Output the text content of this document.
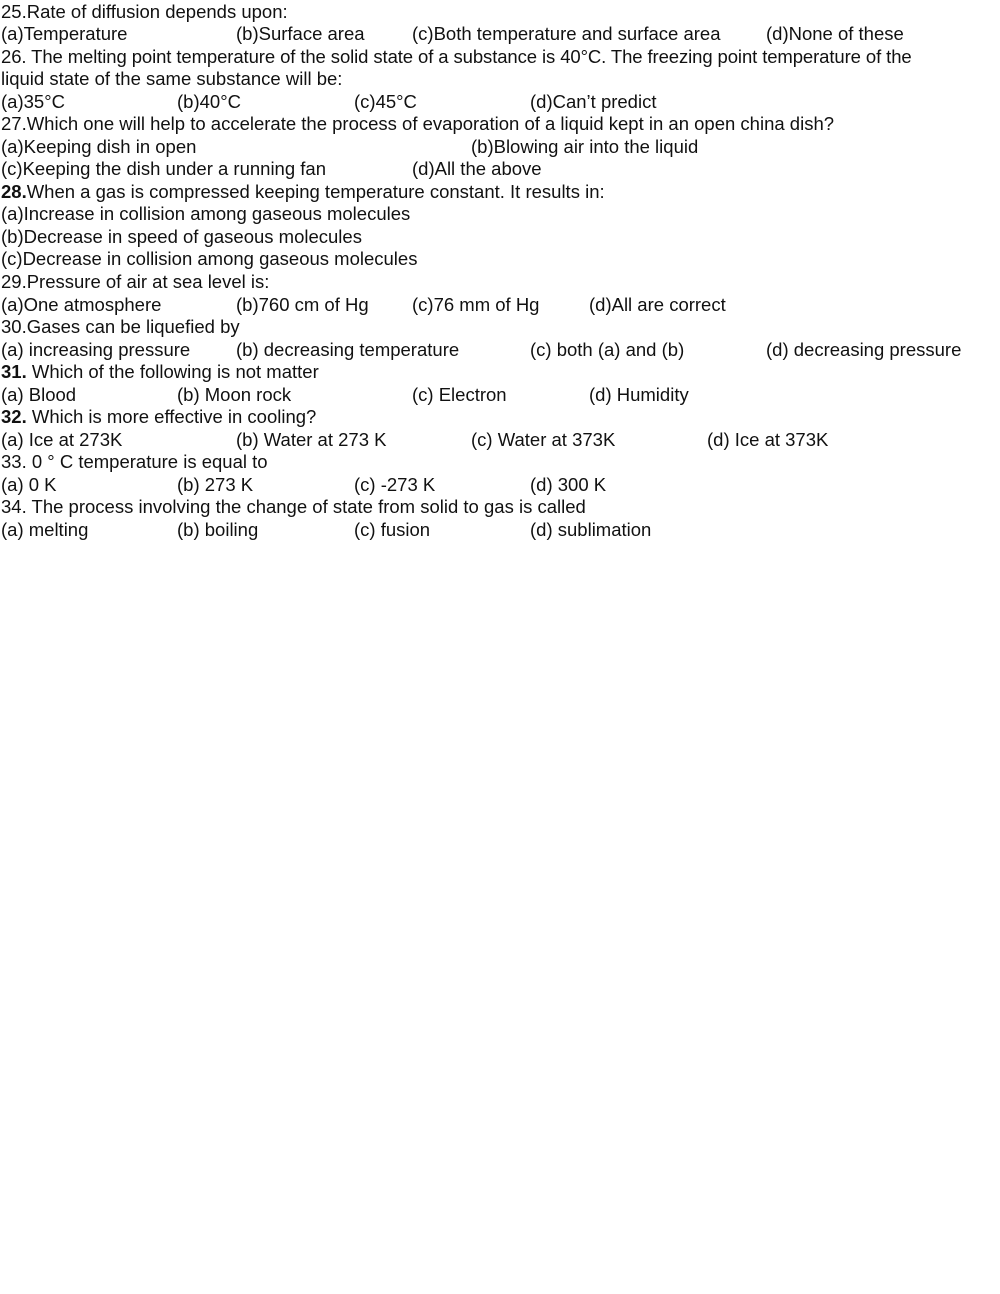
25.Rate of diffusion depends upon:
(a)Temperature	(b)Surface area	(c)Both temperature and surface area (d)None of these
26. The melting point temperature of the solid state of a substance is 40°C. The freezing point temperature of the
liquid state of the same substance will be:
(a)35°C	(b)40°C	(c)45°C	(d)Can’t predict
27.Which one will help to accelerate the process of evaporation of a liquid kept in an open china dish?
(a)Keeping dish in open	(b)Blowing air into the liquid
(c)Keeping the dish under a running fan	(d)All the above
28.When a gas is compressed keeping temperature constant. It results in:
(a)Increase in collision among gaseous molecules
(b)Decrease in speed of gaseous molecules
(c)Decrease in collision among gaseous molecules
29.Pressure of air at sea level is:
(a)One atmosphere	(b)760 cm of Hg (c)76 mm of Hg	(d)All are correct
30.Gases can be liquefied by
(a) increasing pressure (b) decreasing temperature	(c) both (a) and (b)	(d) decreasing pressure
31. Which of the following is not matter
(a) Blood	(b) Moon rock	(c) Electron	(d) Humidity
32. Which is more effective in cooling?
(a) Ice at 273K	(b) Water at 273 K	(c) Water at 373K	(d) Ice at 373K
33. 0 ° C temperature is equal to
(a) 0 K	(b) 273 K	(c) -273 K	(d) 300 K
34. The process involving the change of state from solid to gas is called
(a) melting	(b) boiling	(c) fusion	(d) sublimation
